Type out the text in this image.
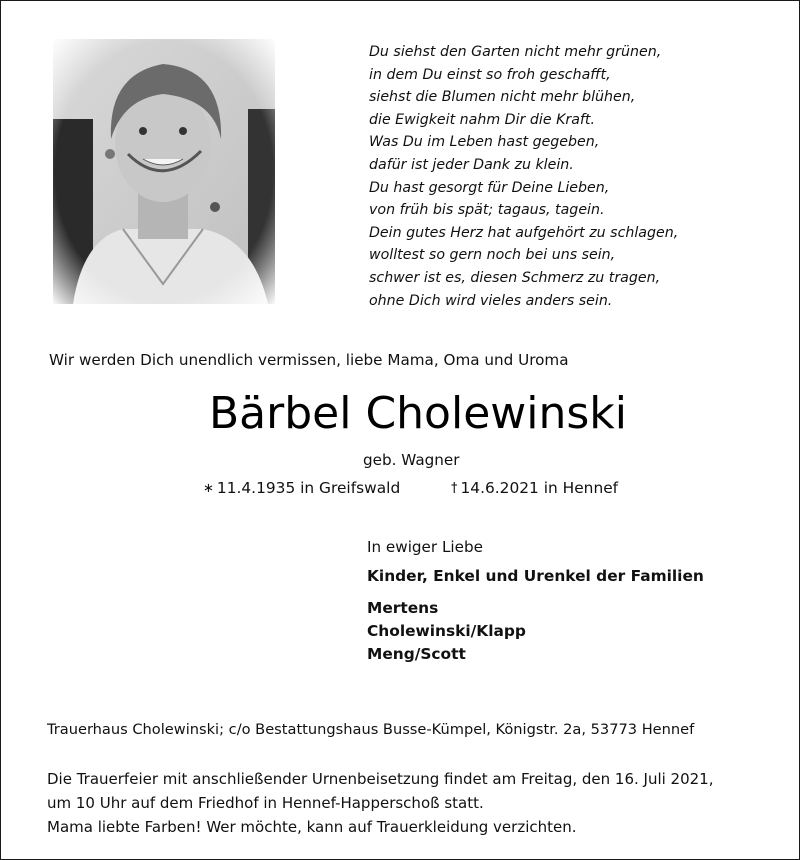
Du siehst den Garten nicht mehr grünen,
in dem Du einst so froh geschafft,
siehst die Blumen nicht mehr blühen,
die Ewigkeit nahm Dir die Kraft.
Was Du im Leben hast gegeben,
dafür ist jeder Dank zu klein.
Du hast gesorgt für Deine Lieben,
von früh bis spät; tagaus, tagein.
Dein gutes Herz hat aufgehört zu schlagen,
wolltest so gern noch bei uns sein,
schwer ist es, diesen Schmerz zu tragen,
ohne Dich wird vieles anders sein.
Wir werden Dich unendlich vermissen, liebe Mama, Oma und Uroma
Bärbel Cholewinski
geb. Wagner
∗ 11.4.1935 in Greifswald	† 14.6.2021 in Hennef
In ewiger Liebe
Kinder, Enkel und Urenkel der Familien
Mertens
Cholewinski/Klapp
Meng/Scott
Trauerhaus Cholewinski; c/o Bestattungshaus Busse-Kümpel, Königstr. 2a, 53773 Hennef
Die Trauerfeier mit anschließender Urnenbeisetzung findet am Freitag, den 16. Juli 2021,
um 10 Uhr auf dem Friedhof in Hennef-Happerschoß statt.
Mama liebte Farben! Wer möchte, kann auf Trauerkleidung verzichten.
